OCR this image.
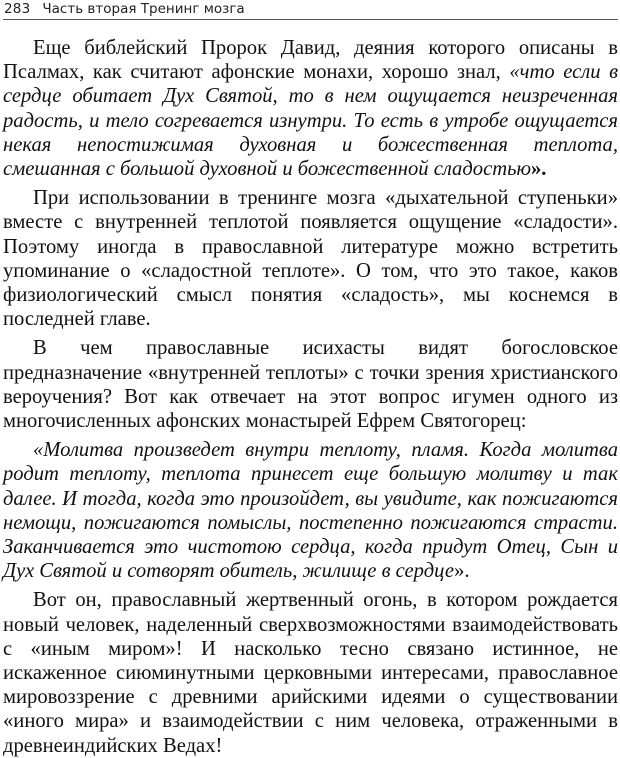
283 Часть вторая Тренинг мозга

Еще библейский Пророк Давид, деяния которого описаны в Псалмах, как считают афонские монахи, хорошо знал, «что если в сердце обитает Дух Святой, то в нем ощущается неизреченная радость, и тело согревается изнутри. То есть в утробе ощущается некая непостижимая духовная и божественная теплота, смешанная с большой духовной и божественной сладостью».

При использовании в тренинге мозга «дыхательной ступеньки» вместе с внутренней теплотой появляется ощущение «сладости». Поэтому иногда в православной литературе можно встретить упоминание о «сладостной теплоте». О том, что это такое, каков физиологический смысл понятия «сладость», мы коснемся в последней главе.

В чем православные исихасты видят богословское предназначение «внутренней теплоты» с точки зрения христианского вероучения? Вот как отвечает на этот вопрос игумен одного из многочисленных афонских монастырей Ефрем Святогорец:

«Молитва произведет внутри теплоту, пламя. Когда молитва родит теплоту, теплота принесет еще большую молитву и так далее. И тогда, когда это произойдет, вы увидите, как пожигаются немощи, пожигаются помыслы, постепенно пожигаются страсти. Заканчивается это чистотою сердца, когда придут Отец, Сын и Дух Святой и сотворят обитель, жилище в сердце».

Вот он, православный жертвенный огонь, в котором рождается новый человек, наделенный сверхвозможностями взаимодействовать с «иным миром»! И насколько тесно связано истинное, не искаженное сиюминутными церковными интересами, православное мировоззрение с древними арийскими идеями о существовании «иного мира» и взаимодействии с ним человека, отраженными в древнеиндийских Ведах!
